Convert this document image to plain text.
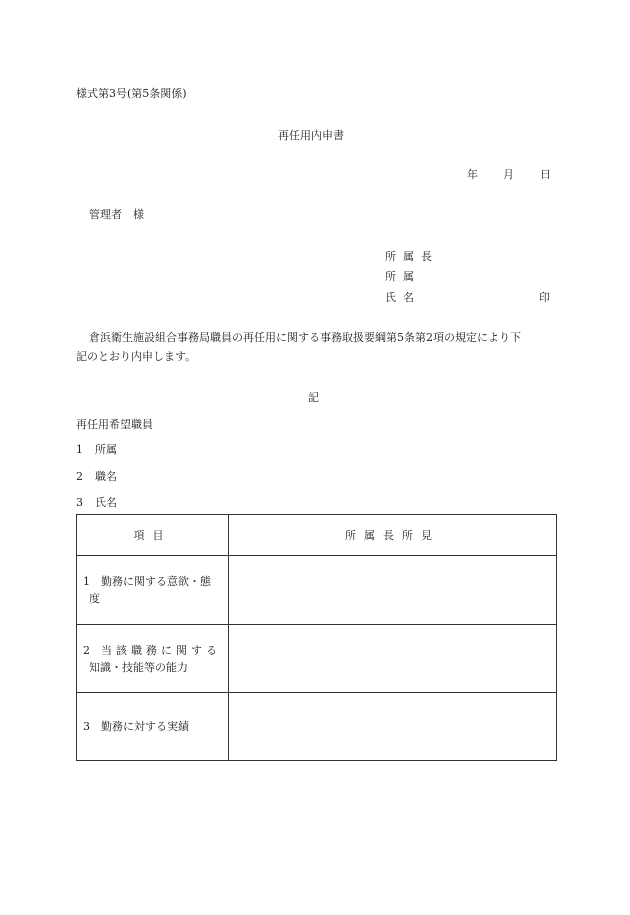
様式第3号(第5条関係)
再任用内申書
年 月 日
管理者　様
所属長
所属
氏名	印
倉浜衛生施設組合事務局職員の再任用に関する事務取扱要綱第5条第2項の規定により下
記のとおり内申します。
記
再任用希望職員
1 所属
2 職名
3 氏名
項目	所属長所見

1 勤務に関する意欲・態
度	

2 当該職務に関する
知識・技能等の能力	

3 勤務に対する実績	
